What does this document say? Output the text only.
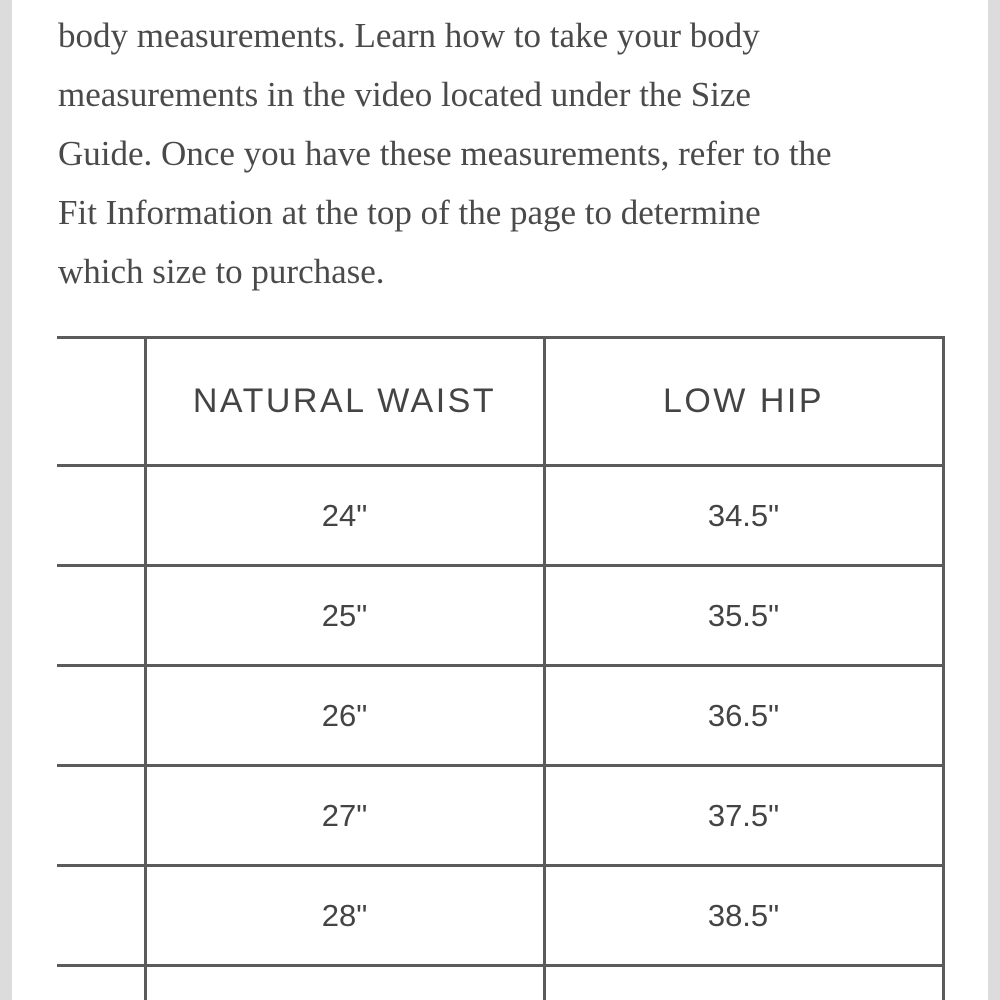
body measurements. Learn how to take your body
measurements in the video located under the Size
Guide. Once you have these measurements, refer to the
Fit Information at the top of the page to determine
which size to purchase.

	NATURAL WAIST	LOW HIP
	24"	34.5"
	25"	35.5"
	26"	36.5"
	27"	37.5"
	28"	38.5"
